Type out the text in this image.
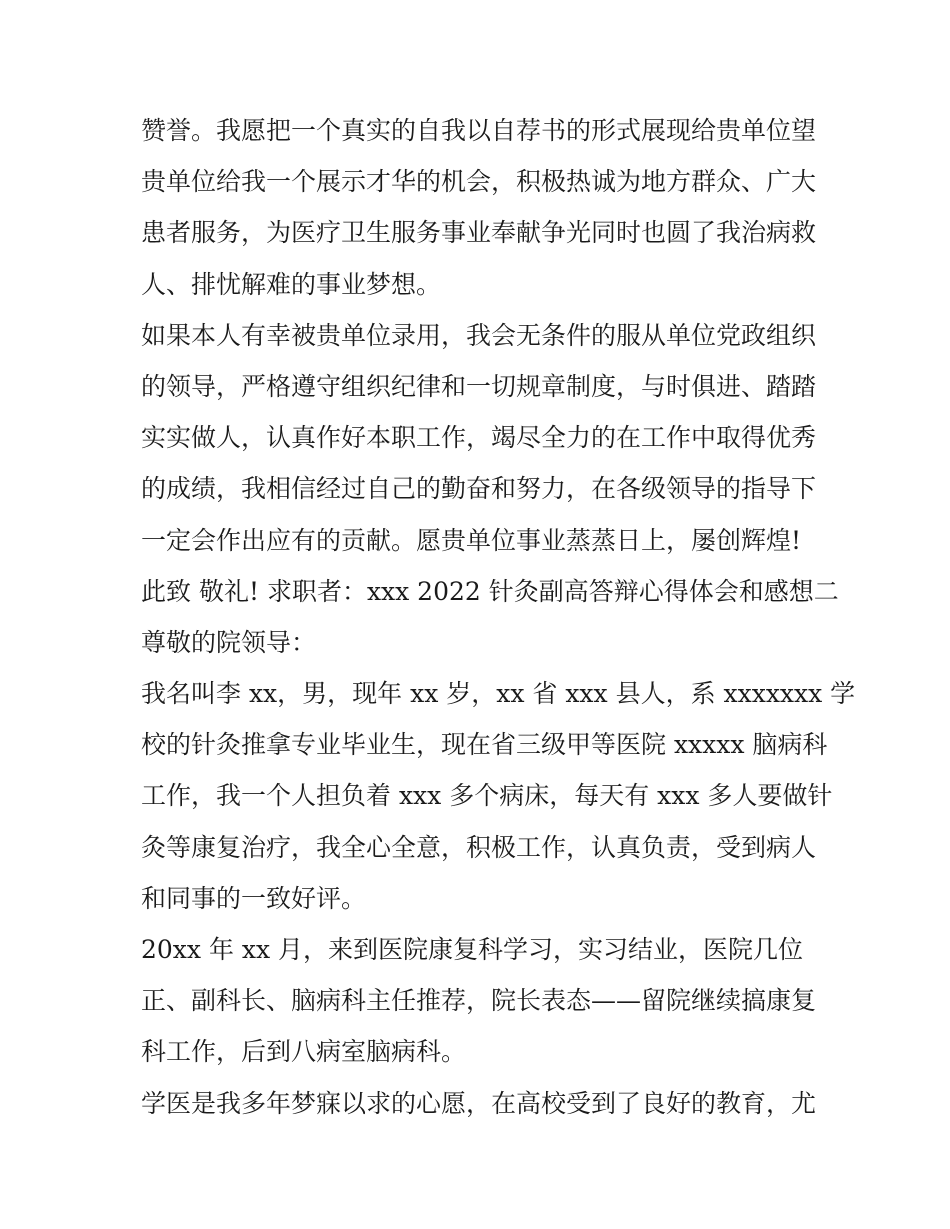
赞誉。我愿把一个真实的自我以自荐书的形式展现给贵单位望
贵单位给我一个展示才华的机会，积极热诚为地方群众、广大
患者服务，为医疗卫生服务事业奉献争光同时也圆了我治病救
人、排忧解难的事业梦想。
如果本人有幸被贵单位录用，我会无条件的服从单位党政组织
的领导，严格遵守组织纪律和一切规章制度，与时俱进、踏踏
实实做人，认真作好本职工作，竭尽全力的在工作中取得优秀
的成绩，我相信经过自己的勤奋和努力，在各级领导的指导下
一定会作出应有的贡献。愿贵单位事业蒸蒸日上，屡创辉煌!
此致 敬礼! 求职者：xxx 2022 针灸副高答辩心得体会和感想二
尊敬的院领导：
我名叫李 xx，男，现年 xx 岁，xx 省 xxx 县人，系 xxxxxxx 学
校的针灸推拿专业毕业生，现在省三级甲等医院 xxxxx 脑病科
工作，我一个人担负着 xxx 多个病床，每天有 xxx 多人要做针
灸等康复治疗，我全心全意，积极工作，认真负责，受到病人
和同事的一致好评。
20xx 年 xx 月，来到医院康复科学习，实习结业，医院几位
正、副科长、脑病科主任推荐，院长表态——留院继续搞康复
科工作，后到八病室脑病科。
学医是我多年梦寐以求的心愿，在高校受到了良好的教育，尤
